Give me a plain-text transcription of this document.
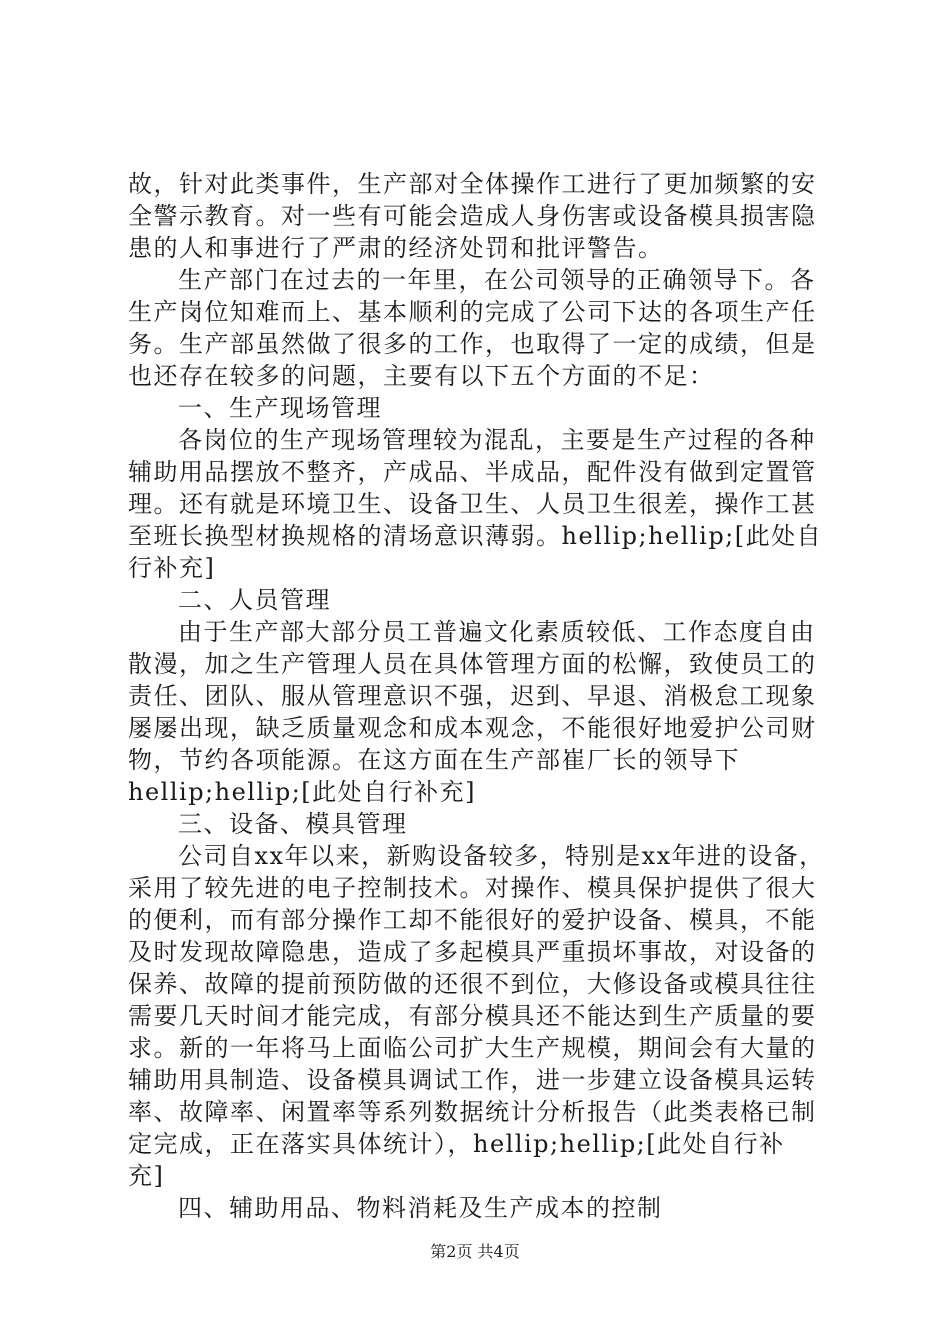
故，针对此类事件，生产部对全体操作工进行了更加频繁的安
全警示教育。对一些有可能会造成人身伤害或设备模具损害隐
患的人和事进行了严肃的经济处罚和批评警告。
生产部门在过去的一年里，在公司领导的正确领导下。各
生产岗位知难而上、基本顺利的完成了公司下达的各项生产任
务。生产部虽然做了很多的工作，也取得了一定的成绩，但是
也还存在较多的问题，主要有以下五个方面的不足：
一、生产现场管理
各岗位的生产现场管理较为混乱，主要是生产过程的各种
辅助用品摆放不整齐，产成品、半成品，配件没有做到定置管
理。还有就是环境卫生、设备卫生、人员卫生很差，操作工甚
至班长换型材换规格的清场意识薄弱。hellip;hellip;[此处自
行补充]
二、人员管理
由于生产部大部分员工普遍文化素质较低、工作态度自由
散漫，加之生产管理人员在具体管理方面的松懈，致使员工的
责任、团队、服从管理意识不强，迟到、早退、消极怠工现象
屡屡出现，缺乏质量观念和成本观念，不能很好地爱护公司财
物，节约各项能源。在这方面在生产部崔厂长的领导下
hellip;hellip;[此处自行补充]
三、设备、模具管理
公司自xx年以来，新购设备较多，特别是xx年进的设备，
采用了较先进的电子控制技术。对操作、模具保护提供了很大
的便利，而有部分操作工却不能很好的爱护设备、模具，不能
及时发现故障隐患，造成了多起模具严重损坏事故，对设备的
保养、故障的提前预防做的还很不到位，大修设备或模具往往
需要几天时间才能完成，有部分模具还不能达到生产质量的要
求。新的一年将马上面临公司扩大生产规模，期间会有大量的
辅助用具制造、设备模具调试工作，进一步建立设备模具运转
率、故障率、闲置率等系列数据统计分析报告（此类表格已制
定完成，正在落实具体统计），hellip;hellip;[此处自行补
充]
四、辅助用品、物料消耗及生产成本的控制
第2页 共4页
